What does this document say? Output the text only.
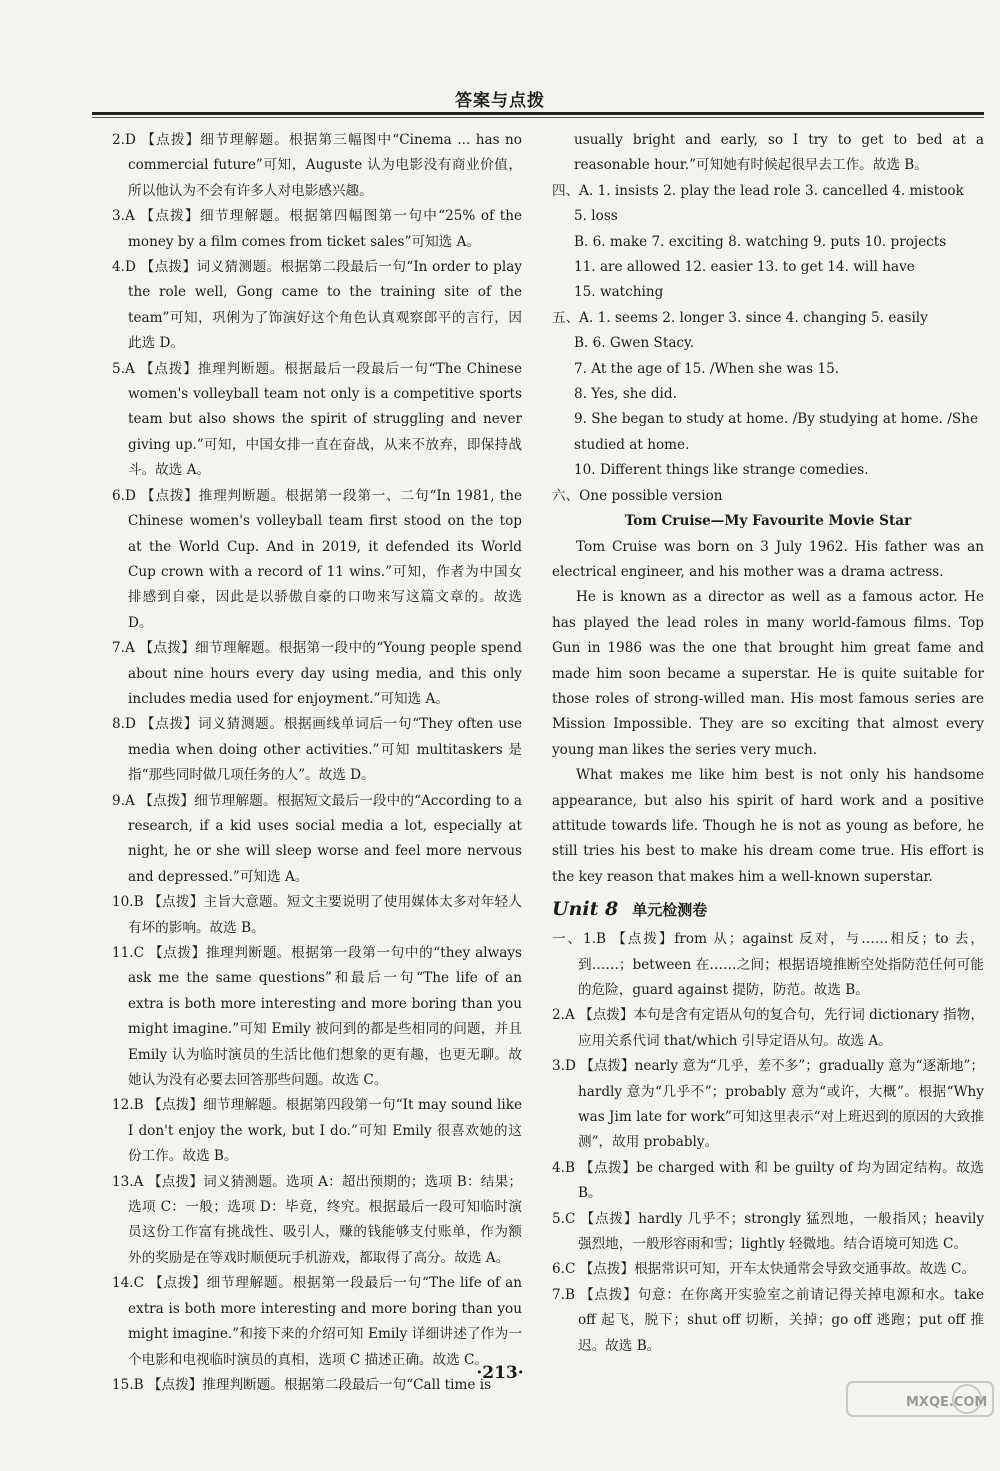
答案与点拨
2.D 【点拨】细节理解题。根据第三幅图中“Cinema ... has no commercial future”可知，Auguste 认为电影没有商业价值，所以他认为不会有许多人对电影感兴趣。
3.A 【点拨】细节理解题。根据第四幅图第一句中“25% of the money by a film comes from ticket sales”可知选 A。
4.D 【点拨】词义猜测题。根据第二段最后一句“In order to play the role well, Gong came to the training site of the team”可知，巩俐为了饰演好这个角色认真观察郎平的言行，因此选 D。
5.A 【点拨】推理判断题。根据最后一段最后一句“The Chinese women's volleyball team not only is a competitive sports team but also shows the spirit of struggling and never giving up.”可知，中国女排一直在奋战，从来不放弃，即保持战斗。故选 A。
6.D 【点拨】推理判断题。根据第一段第一、二句“In 1981, the Chinese women's volleyball team first stood on the top at the World Cup. And in 2019, it defended its World Cup crown with a record of 11 wins.”可知，作者为中国女排感到自豪，因此是以骄傲自豪的口吻来写这篇文章的。故选 D。
7.A 【点拨】细节理解题。根据第一段中的“Young people spend about nine hours every day using media, and this only includes media used for enjoyment.”可知选 A。
8.D 【点拨】词义猜测题。根据画线单词后一句“They often use media when doing other activities.”可知 multitaskers 是指“那些同时做几项任务的人”。故选 D。
9.A 【点拨】细节理解题。根据短文最后一段中的“According to a research, if a kid uses social media a lot, especially at night, he or she will sleep worse and feel more nervous and depressed.”可知选 A。
10.B 【点拨】主旨大意题。短文主要说明了使用媒体太多对年轻人有坏的影响。故选 B。
11.C 【点拨】推理判断题。根据第一段第一句中的“they always ask me the same questions”和最后一句“The life of an extra is both more interesting and more boring than you might imagine.”可知 Emily 被问到的都是些相同的问题，并且 Emily 认为临时演员的生活比他们想象的更有趣，也更无聊。故她认为没有必要去回答那些问题。故选 C。
12.B 【点拨】细节理解题。根据第四段第一句“It may sound like I don't enjoy the work, but I do.”可知 Emily 很喜欢她的这份工作。故选 B。
13.A 【点拨】词义猜测题。选项 A：超出预期的；选项 B：结果；选项 C：一般；选项 D：毕竟，终究。根据最后一段可知临时演员这份工作富有挑战性、吸引人，赚的钱能够支付账单，作为额外的奖励是在等戏时顺便玩手机游戏，都取得了高分。故选 A。
14.C 【点拨】细节理解题。根据第一段最后一句“The life of an extra is both more interesting and more boring than you might imagine.”和接下来的介绍可知 Emily 详细讲述了作为一个电影和电视临时演员的真相，选项 C 描述正确。故选 C。
15.B 【点拨】推理判断题。根据第二段最后一句“Call time is
usually bright and early, so I try to get to bed at a reasonable hour.”可知她有时候起很早去工作。故选 B。
四、A. 1. insists 2. play the lead role 3. cancelled 4. mistook
5. loss
B. 6. make 7. exciting 8. watching 9. puts 10. projects
11. are allowed 12. easier 13. to get 14. will have
15. watching
五、A. 1. seems 2. longer 3. since 4. changing 5. easily
B. 6. Gwen Stacy.
7. At the age of 15. /When she was 15.
8. Yes, she did.
9. She began to study at home. /By studying at home. /She studied at home.
10. Different things like strange comedies.
六、One possible version
Tom Cruise—My Favourite Movie Star
Tom Cruise was born on 3 July 1962. His father was an electrical engineer, and his mother was a drama actress.
He is known as a director as well as a famous actor. He has played the lead roles in many world-famous films. Top Gun in 1986 was the one that brought him great fame and made him soon became a superstar. He is quite suitable for those roles of strong-willed man. His most famous series are Mission Impossible. They are so exciting that almost every young man likes the series very much.
What makes me like him best is not only his handsome appearance, but also his spirit of hard work and a positive attitude towards life. Though he is not as young as before, he still tries his best to make his dream come true. His effort is the key reason that makes him a well-known superstar.
Unit 8 单元检测卷
一、1.B 【点拨】from 从；against 反对，与……相反；to 去，到……；between 在……之间；根据语境推断空处指防范任何可能的危险，guard against 提防，防范。故选 B。
2.A 【点拨】本句是含有定语从句的复合句，先行词 dictionary 指物，应用关系代词 that/which 引导定语从句。故选 A。
3.D 【点拨】nearly 意为“几乎，差不多”；gradually 意为“逐渐地”；hardly 意为“几乎不”；probably 意为“或许，大概”。根据“Why was Jim late for work”可知这里表示“对上班迟到的原因的大致推测”，故用 probably。
4.B 【点拨】be charged with 和 be guilty of 均为固定结构。故选 B。
5.C 【点拨】hardly 几乎不；strongly 猛烈地，一般指风；heavily 强烈地，一般形容雨和雪；lightly 轻微地。结合语境可知选 C。
6.C 【点拨】根据常识可知，开车太快通常会导致交通事故。故选 C。
7.B 【点拨】句意：在你离开实验室之前请记得关掉电源和水。take off 起飞，脱下；shut off 切断，关掉；go off 逃跑；put off 推迟。故选 B。
·213·
MXQE.COM
